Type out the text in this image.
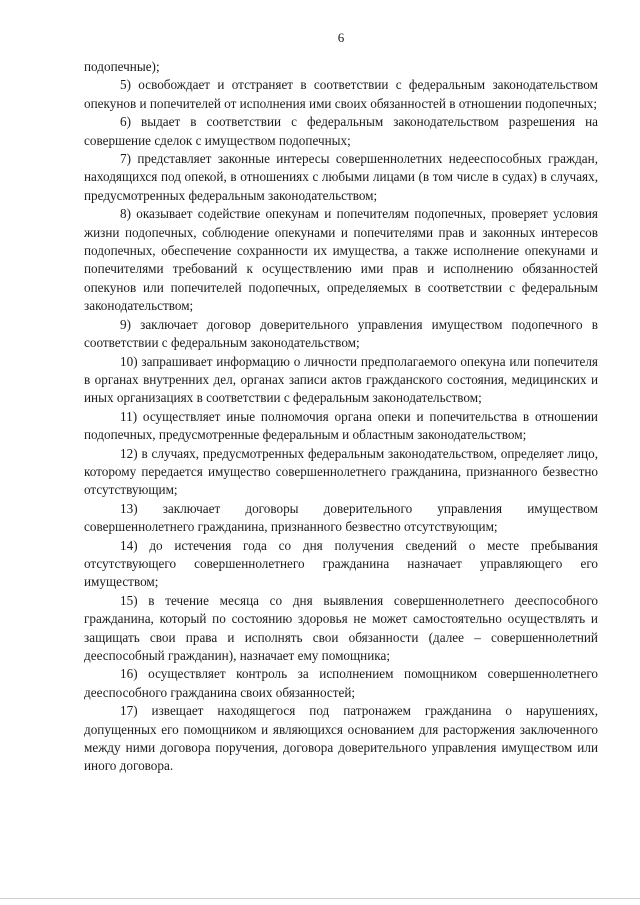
6

подопечные);

5) освобождает и отстраняет в соответствии с федеральным законодательством опекунов и попечителей от исполнения ими своих обязанностей в отношении подопечных;

6) выдает в соответствии с федеральным законодательством разрешения на совершение сделок с имуществом подопечных;

7) представляет законные интересы совершеннолетних недееспособных граждан, находящихся под опекой, в отношениях с любыми лицами (в том числе в судах) в случаях, предусмотренных федеральным законодательством;

8) оказывает содействие опекунам и попечителям подопечных, проверяет условия жизни подопечных, соблюдение опекунами и попечителями прав и законных интересов подопечных, обеспечение сохранности их имущества, а также исполнение опекунами и попечителями требований к осуществлению ими прав и исполнению обязанностей опекунов или попечителей подопечных, определяемых в соответствии с федеральным законодательством;

9) заключает договор доверительного управления имуществом подопечного в соответствии с федеральным законодательством;

10) запрашивает информацию о личности предполагаемого опекуна или попечителя в органах внутренних дел, органах записи актов гражданского состояния, медицинских и иных организациях в соответствии с федеральным законодательством;

11) осуществляет иные полномочия органа опеки и попечительства в отношении подопечных, предусмотренные федеральным и областным законодательством;

12) в случаях, предусмотренных федеральным законодательством, определяет лицо, которому передается имущество совершеннолетнего гражданина, признанного безвестно отсутствующим;

13) заключает договоры доверительного управления имуществом совершеннолетнего гражданина, признанного безвестно отсутствующим;

14) до истечения года со дня получения сведений о месте пребывания отсутствующего совершеннолетнего гражданина назначает управляющего его имуществом;

15) в течение месяца со дня выявления совершеннолетнего дееспособного гражданина, который по состоянию здоровья не может самостоятельно осуществлять и защищать свои права и исполнять свои обязанности (далее – совершеннолетний дееспособный гражданин), назначает ему помощника;

16) осуществляет контроль за исполнением помощником совершеннолетнего дееспособного гражданина своих обязанностей;

17) извещает находящегося под патронажем гражданина о нарушениях, допущенных его помощником и являющихся основанием для расторжения заключенного между ними договора поручения, договора доверительного управления имуществом или иного договора.
